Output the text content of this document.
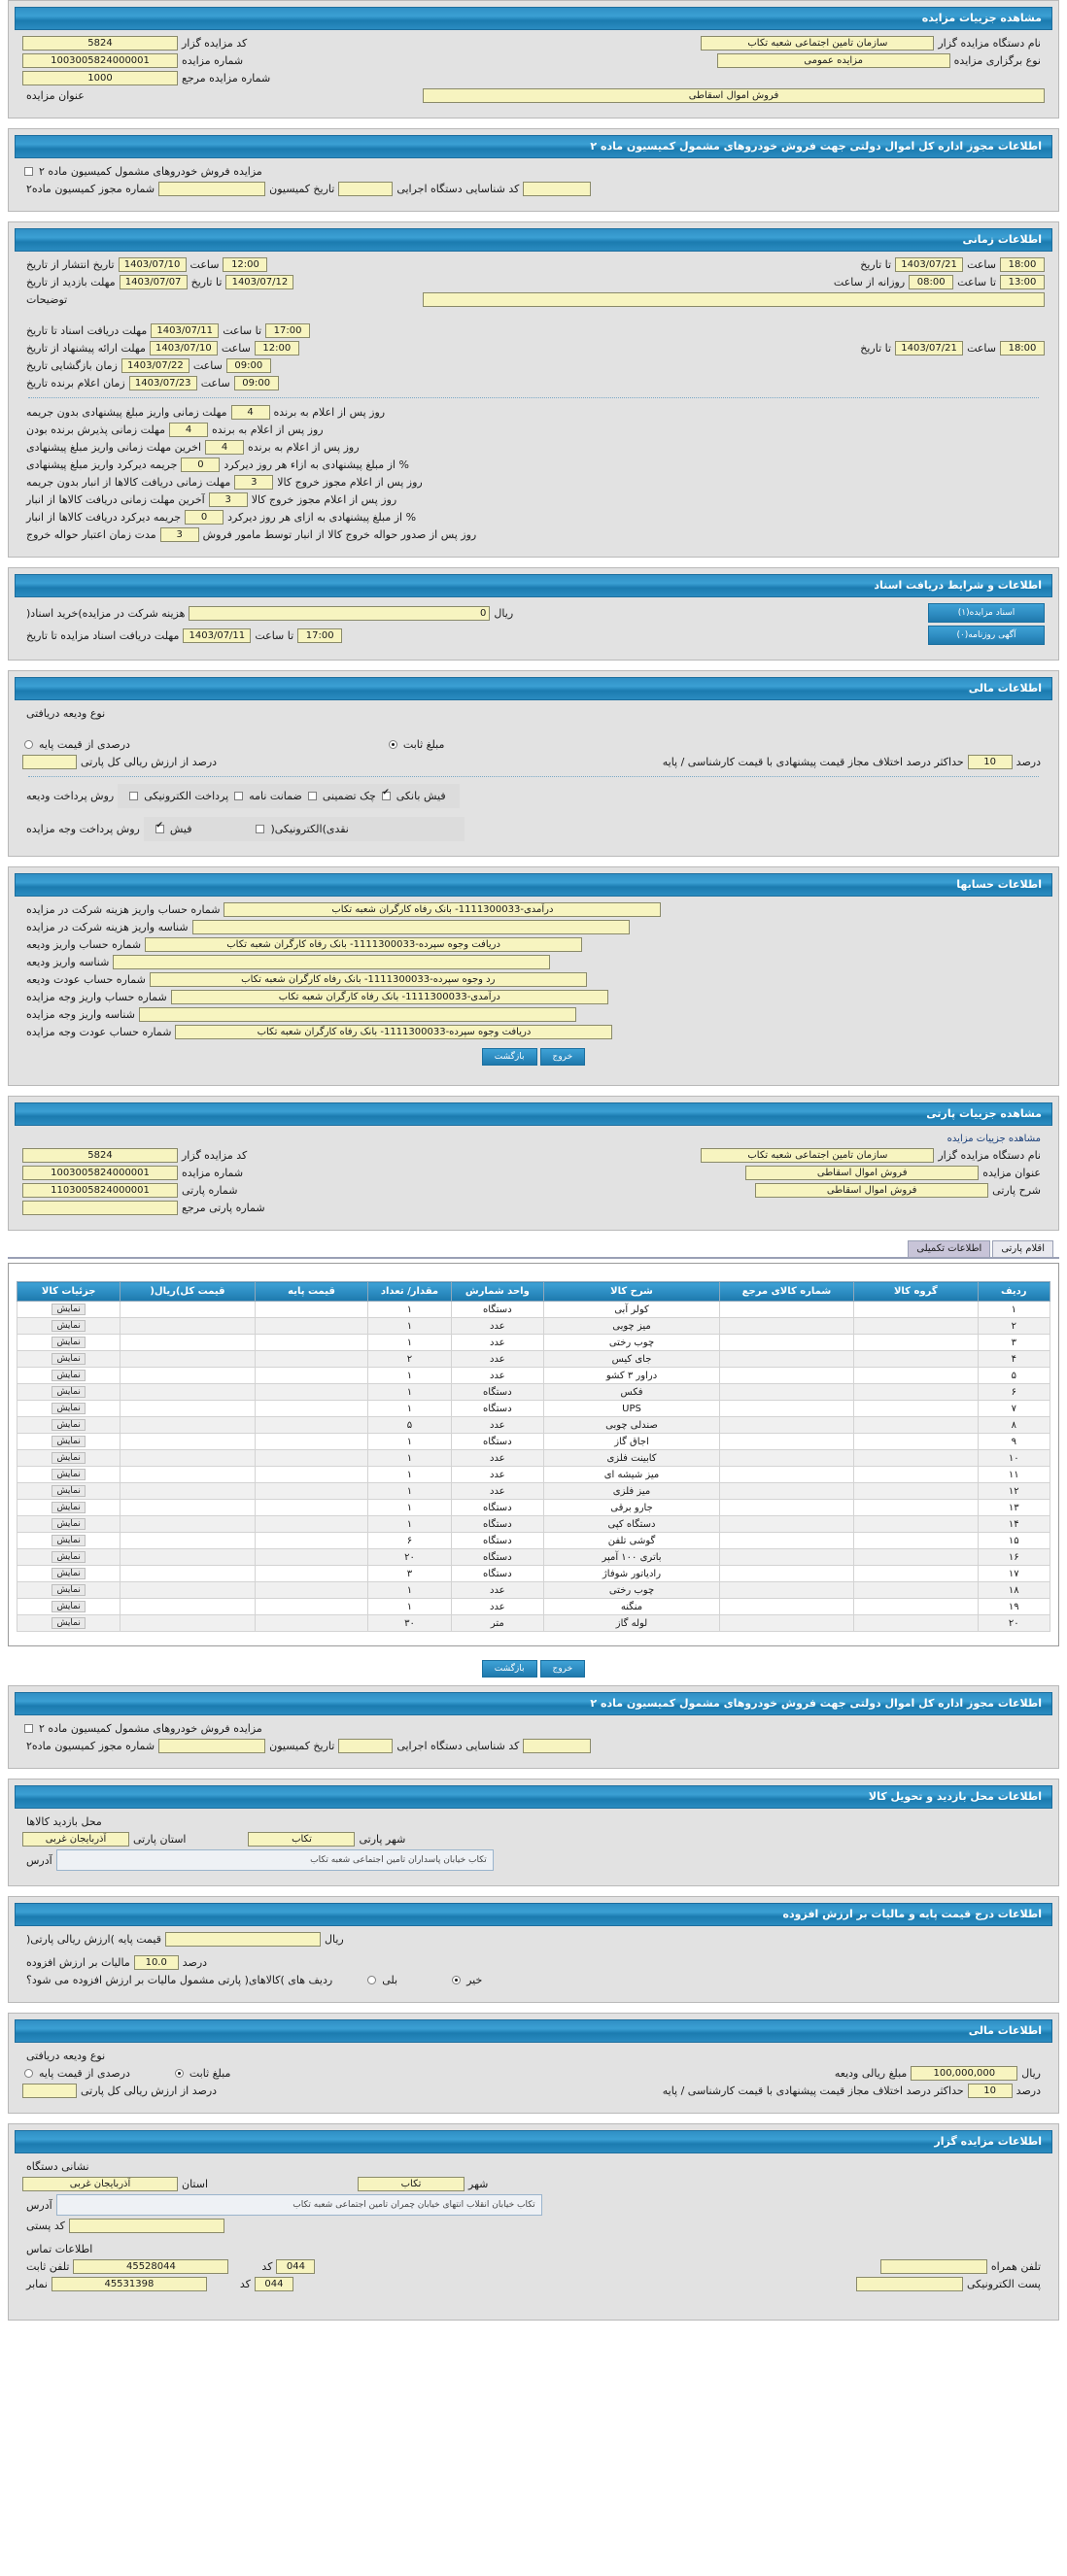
مشاهده جزییات مزایده
نام دستگاه مزایده گزار
سازمان تامین اجتماعی شعبه تکاب
کد مزایده گزار
5824
نوع برگزاری مزایده
مزایده عمومی
شماره مزایده
1003005824000001
شماره مزایده مرجع
1000
فروش اموال اسقاطی
عنوان مزایده
اطلاعات مجوز اداره کل اموال دولتی جهت فروش خودروهای مشمول کمیسیون ماده ۲
مزایده فروش خودروهای مشمول کمیسیون ماده ۲
کد شناسایی دستگاه اجرایی
تاریخ کمیسیون
شماره مجوز کمیسیون ماده۲
اطلاعات زمانی
18:00
ساعت
1403/07/21
تا تاریخ
12:00
ساعت
1403/07/10
تاریخ انتشار از تاریخ
13:00
تا ساعت
08:00
روزانه از ساعت
1403/07/12
تا تاریخ
1403/07/07
مهلت بازدید از تاریخ
توضیحات
17:00
تا ساعت
1403/07/11
مهلت دریافت اسناد تا تاریخ
18:00
ساعت
1403/07/21
تا تاریخ
12:00
ساعت
1403/07/10
مهلت ارائه پیشنهاد از تاریخ
09:00
ساعت
1403/07/22
زمان بازگشایی تاریخ
09:00
ساعت
1403/07/23
زمان اعلام برنده تاریخ
روز پس از اعلام به برنده
4
مهلت زمانی واریز مبلغ پیشنهادی بدون جریمه
روز پس از اعلام به برنده
4
مهلت زمانی پذیرش برنده بودن
روز پس از اعلام به برنده
4
اخرین مهلت زمانی واریز مبلغ پیشنهادی
% از مبلغ پیشنهادی به ازاء هر روز دیرکرد
0
جریمه دیرکرد واریز مبلغ پیشنهادی
روز پس از اعلام مجوز خروج کالا
3
مهلت زمانی دریافت کالاها از انبار بدون جریمه
روز پس از اعلام مجوز خروج کالا
3
آخرین مهلت زمانی دریافت کالاها از انبار
% از مبلغ پیشنهادی به ازای هر روز دیرکرد
0
جریمه دیرکرد دریافت کالاها از انبار
روز پس از صدور حواله خروج کالا از انبار توسط مامور فروش
3
مدت زمان اعتبار حواله خروج
اطلاعات و شرایط دریافت اسناد
اسناد مزایده(۱)
ریال
0
هزینه شرکت در مزایده)خرید اسناد(
آگهی روزنامه(۰)
17:00
تا ساعت
1403/07/11
مهلت دریافت اسناد مزایده تا تاریخ
اطلاعات مالی
نوع ودیعه دریافتی
مبلغ ثابت
درصدی از قیمت پایه
درصد
10
حداکثر درصد اختلاف مجاز قیمت پیشنهادی با قیمت کارشناسی / پایه
درصد از ارزش ریالی کل پارتی
فیش بانکی
✔
چک تضمینی
ضمانت نامه
پرداخت الکترونیکی
روش پرداخت ودیعه
نقدی)الکترونیکی(
فیش
✔
روش پرداخت وجه مزایده
اطلاعات حسابها
درآمدی-1111300033- بانک رفاه کارگران شعبه تکاب
شماره حساب واریز هزینه شرکت در مزایده
شناسه واریز هزینه شرکت در مزایده
دریافت وجوه سپرده-1111300033- بانک رفاه کارگران شعبه تکاب
شماره حساب واریز ودیعه
شناسه واریز ودیعه
رد وجوه سپرده-1111300033- بانک رفاه کارگران شعبه تکاب
شماره حساب عودت ودیعه
درآمدی-1111300033- بانک رفاه کارگران شعبه تکاب
شماره حساب واریز وجه مزایده
شناسه واریز وجه مزایده
دریافت وجوه سپرده-1111300033- بانک رفاه کارگران شعبه تکاب
شماره حساب عودت وجه مزایده
خروج
بازگشت
مشاهده جزییات پارتی
مشاهده جزییات مزایده
نام دستگاه مزایده گزار
سازمان تامین اجتماعی شعبه تکاب
کد مزایده گزار
5824
عنوان مزایده
فروش اموال اسقاطی
شماره مزایده
1003005824000001
شرح پارتی
فروش اموال اسقاطی
شماره پارتی
1103005824000001
شماره پارتی مرجع
اقلام پارتی
اطلاعات تکمیلی
ردیف	گروه کالا	شماره کالای مرجع	شرح کالا	واحد شمارش	مقدار/ تعداد	قیمت پایه	قیمت کل)ریال(	جزئیات کالا
۱			کولر آبی	دستگاه	۱			نمایش
۲			میز چوبی	عدد	۱			نمایش
۳			چوب رختی	عدد	۱			نمایش
۴			جای کیس	عدد	۲			نمایش
۵			دراور ۳ کشو	عدد	۱			نمایش
۶			فکس	دستگاه	۱			نمایش
۷			UPS	دستگاه	۱			نمایش
۸			صندلی چوبی	عدد	۵			نمایش
۹			اجاق گاز	دستگاه	۱			نمایش
۱۰			کابینت فلزی	عدد	۱			نمایش
۱۱			میز شیشه ای	عدد	۱			نمایش
۱۲			میز فلزی	عدد	۱			نمایش
۱۳			جارو برقی	دستگاه	۱			نمایش
۱۴			دستگاه کپی	دستگاه	۱			نمایش
۱۵			گوشی تلفن	دستگاه	۶			نمایش
۱۶			باتری ۱۰۰ آمپر	دستگاه	۲۰			نمایش
۱۷			رادیاتور شوفاژ	دستگاه	۳			نمایش
۱۸			چوب رختی	عدد	۱			نمایش
۱۹			منگنه	عدد	۱			نمایش
۲۰			لوله گاز	متر	۳۰			نمایش
خروج
بازگشت
اطلاعات مجوز اداره کل اموال دولتی جهت فروش خودروهای مشمول کمیسیون ماده ۲
مزایده فروش خودروهای مشمول کمیسیون ماده ۲
کد شناسایی دستگاه اجرایی
تاریخ کمیسیون
شماره مجوز کمیسیون ماده۲
اطلاعات محل بازدید و تحویل کالا
محل بازدید کالاها
شهر پارتی
تکاب
استان پارتی
آذربایجان غربی
تکاب خیابان پاسداران تامین اجتماعی شعبه تکاب
آدرس
اطلاعات درج قیمت پایه و مالیات بر ارزش افزوده
ریال
قیمت پایه )ارزش ریالی پارتی(
درصد
10.0
مالیات بر ارزش افزوده
خیر
بلی
ردیف های )کالاهای( پارتی مشمول مالیات بر ارزش افزوده می شود؟
اطلاعات مالی
نوع ودیعه دریافتی
ریال
100,000,000
مبلغ ریالی ودیعه
مبلغ ثابت
درصدی از قیمت پایه
درصد
10
حداکثر درصد اختلاف مجاز قیمت پیشنهادی با قیمت کارشناسی / پایه
درصد از ارزش ریالی کل پارتی
اطلاعات مزایده گزار
نشانی دستگاه
شهر
تکاب
استان
آذربایجان غربی
تکاب خیابان انقلاب انتهای خیابان چمران تامین اجتماعی شعبه تکاب
آدرس
کد پستی
اطلاعات تماس
تلفن همراه
044
کد
45528044
تلفن ثابت
پست الکترونیکی
044
کد
45531398
نمابر
